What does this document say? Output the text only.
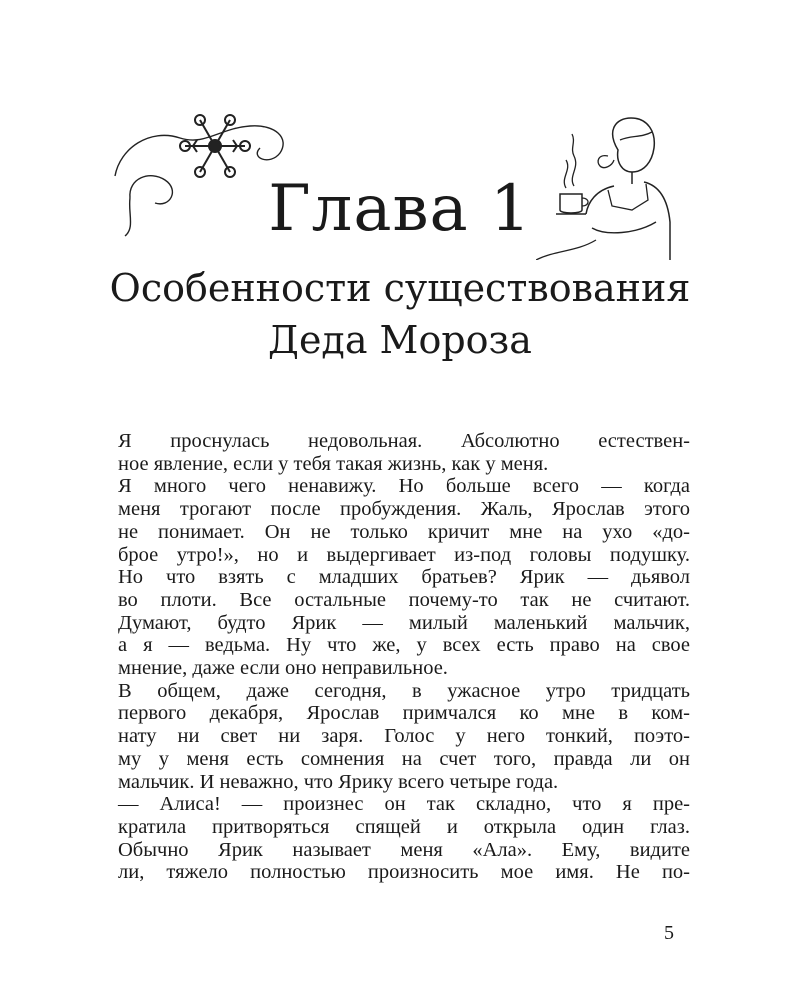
Глава 1
Особенности существования
Деда Мороза
Я проснулась недовольная. Абсолютно естествен-
ное явление, если у тебя такая жизнь, как у меня.
Я много чего ненавижу. Но больше всего — когда
меня трогают после пробуждения. Жаль, Ярослав этого
не понимает. Он не только кричит мне на ухо «до-
брое утро!», но и выдергивает из-под головы подушку.
Но что взять с младших братьев? Ярик — дьявол
во плоти. Все остальные почему-то так не считают.
Думают, будто Ярик — милый маленький мальчик,
а я — ведьма. Ну что же, у всех есть право на свое
мнение, даже если оно неправильное.
В общем, даже сегодня, в ужасное утро тридцать
первого декабря, Ярослав примчался ко мне в ком-
нату ни свет ни заря. Голос у него тонкий, поэто-
му у меня есть сомнения на счет того, правда ли он
мальчик. И неважно, что Ярику всего четыре года.
— Алиса! — произнес он так складно, что я пре-
кратила притворяться спящей и открыла один глаз.
Обычно Ярик называет меня «Ала». Ему, видите
ли, тяжело полностью произносить мое имя. Не по-
5
